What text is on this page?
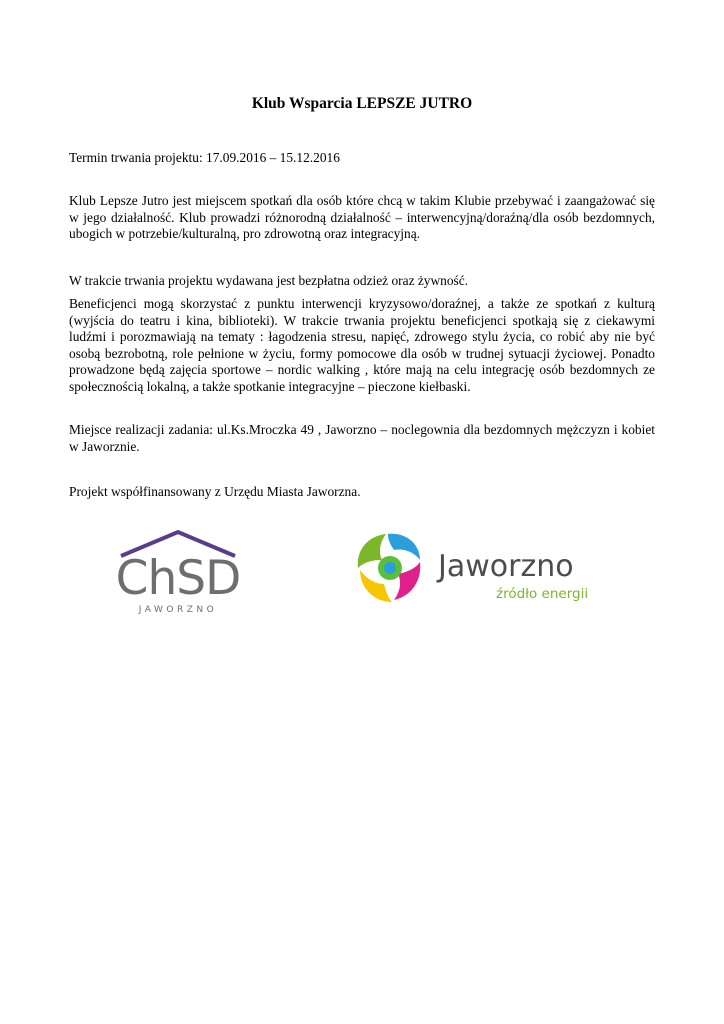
Klub Wsparcia LEPSZE JUTRO

Termin trwania projektu: 17.09.2016 – 15.12.2016

Klub Lepsze Jutro jest miejscem spotkań dla osób które chcą w takim Klubie przebywać i zaangażować się w jego działalność. Klub prowadzi różnorodną działalność – interwencyjną/doraźną/dla osób bezdomnych, ubogich w potrzebie/kulturalną, pro zdrowotną oraz integracyjną.

W trakcie trwania projektu wydawana jest bezpłatna odzież oraz żywność.

Beneficjenci mogą skorzystać z punktu interwencji kryzysowo/doraźnej, a także ze spotkań z kulturą (wyjścia do teatru i kina, biblioteki). W trakcie trwania projektu beneficjenci spotkają się z ciekawymi ludźmi i porozmawiają na tematy : łagodzenia stresu, napięć, zdrowego stylu życia, co robić aby nie być osobą bezrobotną, role pełnione w życiu, formy pomocowe dla osób w trudnej sytuacji życiowej. Ponadto prowadzone będą zajęcia sportowe – nordic walking , które mają na celu integrację osób bezdomnych ze społecznością lokalną, a także spotkanie integracyjne – pieczone kiełbaski.

Miejsce realizacji zadania: ul.Ks.Mroczka 49 , Jaworzno – noclegownia dla bezdomnych mężczyzn i kobiet w Jaworznie.

Projekt współfinansowany z Urzędu Miasta Jaworzna.

ChSD
JAWORZNO
Jaworzno
źródło energii
